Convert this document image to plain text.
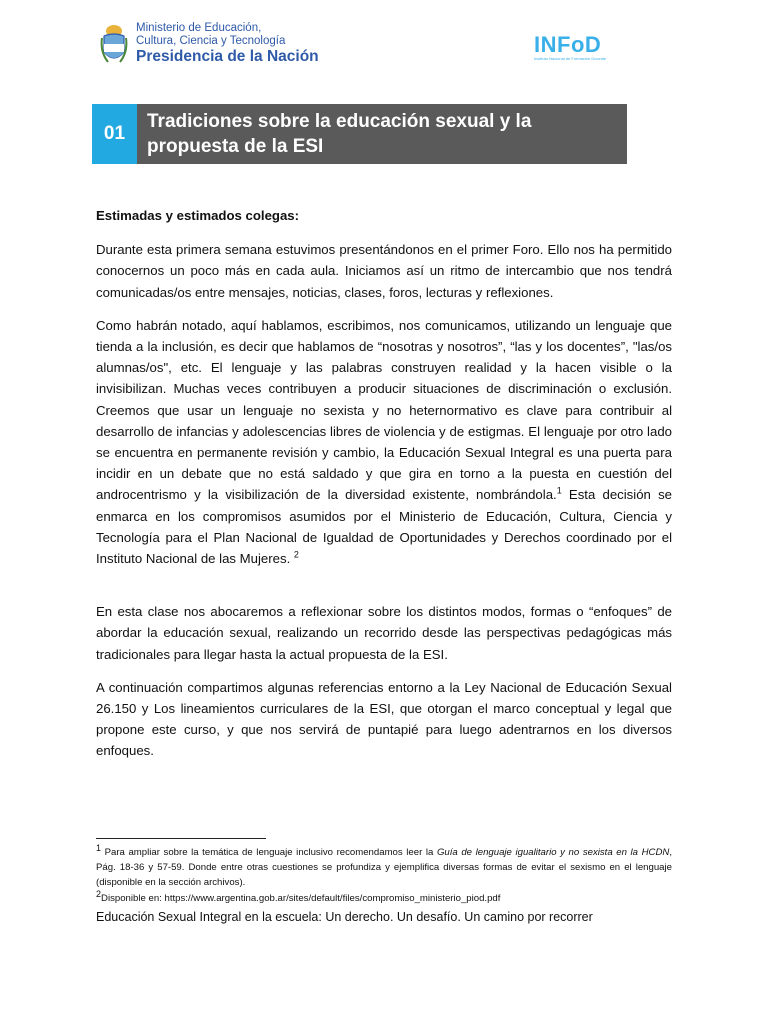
Ministerio de Educación,
Cultura, Ciencia y Tecnología
Presidencia de la Nación	INFoD
Instituto Nacional de Formación Docente
01
Tradiciones sobre la educación sexual y la propuesta de la ESI

Estimadas y estimados colegas:

Durante esta primera semana estuvimos presentándonos en el primer Foro. Ello nos ha permitido conocernos un poco más en cada aula. Iniciamos así un ritmo de intercambio que nos tendrá comunicadas/os entre mensajes, noticias, clases, foros, lecturas y reflexiones.

Como habrán notado, aquí hablamos, escribimos, nos comunicamos, utilizando un lenguaje que tienda a la inclusión, es decir que hablamos de “nosotras y nosotros”, “las y los docentes”, "las/os alumnas/os", etc. El lenguaje y las palabras construyen realidad y la hacen visible o la invisibilizan. Muchas veces contribuyen a producir situaciones de discriminación o exclusión. Creemos que usar un lenguaje no sexista y no heternormativo es clave para contribuir al desarrollo de infancias y adolescencias libres de violencia y de estigmas. El lenguaje por otro lado se encuentra en permanente revisión y cambio, la Educación Sexual Integral es una puerta para incidir en un debate que no está saldado y que gira en torno a la puesta en cuestión del androcentrismo y la visibilización de la diversidad existente, nombrándola.$^1$ Esta decisión se enmarca en los compromisos asumidos por el Ministerio de Educación, Cultura, Ciencia y Tecnología para el Plan Nacional de Igualdad de Oportunidades y Derechos coordinado por el Instituto Nacional de las Mujeres. $^2$

En esta clase nos abocaremos a reflexionar sobre los distintos modos, formas o “enfoques” de abordar la educación sexual, realizando un recorrido desde las perspectivas pedagógicas más tradicionales para llegar hasta la actual propuesta de la ESI.

A continuación compartimos algunas referencias entorno a la Ley Nacional de Educación Sexual 26.150 y Los lineamientos curriculares de la ESI, que otorgan el marco conceptual y legal que propone este curso, y que nos servirá de puntapié para luego adentrarnos en los diversos enfoques.

$^1$ Para ampliar sobre la temática de lenguaje inclusivo recomendamos leer la Guía de lenguaje igualitario y no sexista en la HCDN, Pág. 18-36 y 57-59. Donde entre otras cuestiones se profundiza y ejemplifica diversas formas de evitar el sexismo en el lenguaje (disponible en la sección archivos).

$^2$Disponible en: https://www.argentina.gob.ar/sites/default/files/compromiso_ministerio_piod.pdf

Educación Sexual Integral en la escuela: Un derecho. Un desafío. Un camino por recorrer
